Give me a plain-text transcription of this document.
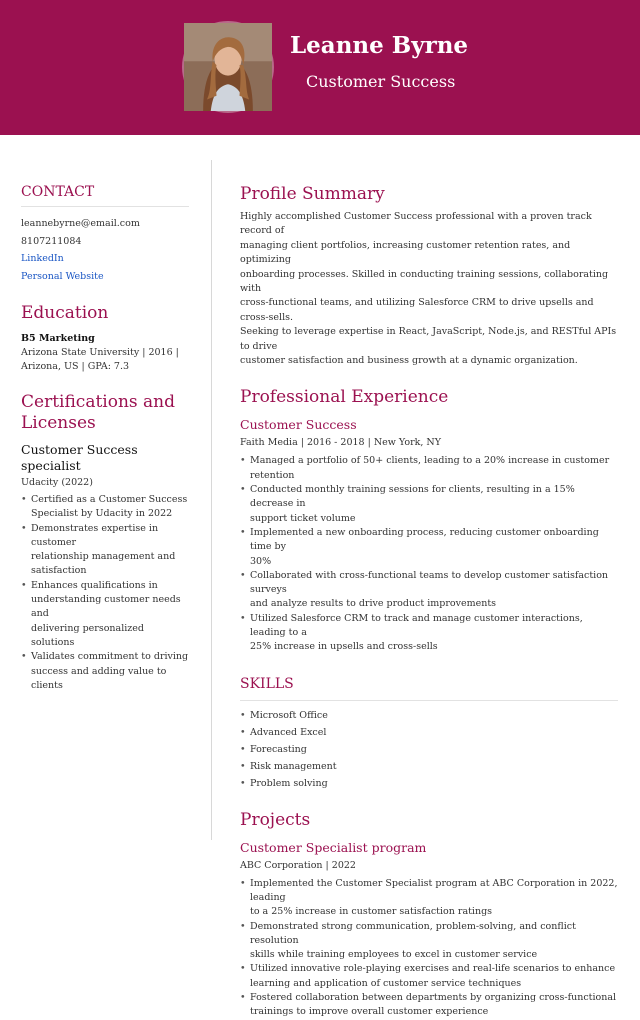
Leanne Byrne
Customer Success
CONTACT
leannebyrne@email.com
8107211084
LinkedIn
Personal Website
Education
B5 Marketing
Arizona State University | 2016 |
Arizona, US | GPA: 7.3
Certifications and
Licenses
Customer Success specialist
Udacity (2022)
• Certified as a Customer Success
Specialist by Udacity in 2022
• Demonstrates expertise in customer
relationship management and
satisfaction
• Enhances qualifications in
understanding customer needs and
delivering personalized solutions
• Validates commitment to driving
success and adding value to clients
Profile Summary
Highly accomplished Customer Success professional with a proven track record of
managing client portfolios, increasing customer retention rates, and optimizing
onboarding processes. Skilled in conducting training sessions, collaborating with
cross-functional teams, and utilizing Salesforce CRM to drive upsells and cross-sells.
Seeking to leverage expertise in React, JavaScript, Node.js, and RESTful APIs to drive
customer satisfaction and business growth at a dynamic organization.
Professional Experience
Customer Success
Faith Media | 2016 - 2018 | New York, NY
• Managed a portfolio of 50+ clients, leading to a 20% increase in customer retention
• Conducted monthly training sessions for clients, resulting in a 15% decrease in
support ticket volume
• Implemented a new onboarding process, reducing customer onboarding time by
30%
• Collaborated with cross-functional teams to develop customer satisfaction surveys
and analyze results to drive product improvements
• Utilized Salesforce CRM to track and manage customer interactions, leading to a
25% increase in upsells and cross-sells
SKILLS
• Microsoft Office
• Advanced Excel
• Forecasting
• Risk management
• Problem solving
Projects
Customer Specialist program
ABC Corporation | 2022
• Implemented the Customer Specialist program at ABC Corporation in 2022, leading
to a 25% increase in customer satisfaction ratings
• Demonstrated strong communication, problem-solving, and conflict resolution
skills while training employees to excel in customer service
• Utilized innovative role-playing exercises and real-life scenarios to enhance
learning and application of customer service techniques
• Fostered collaboration between departments by organizing cross-functional
trainings to improve overall customer experience
